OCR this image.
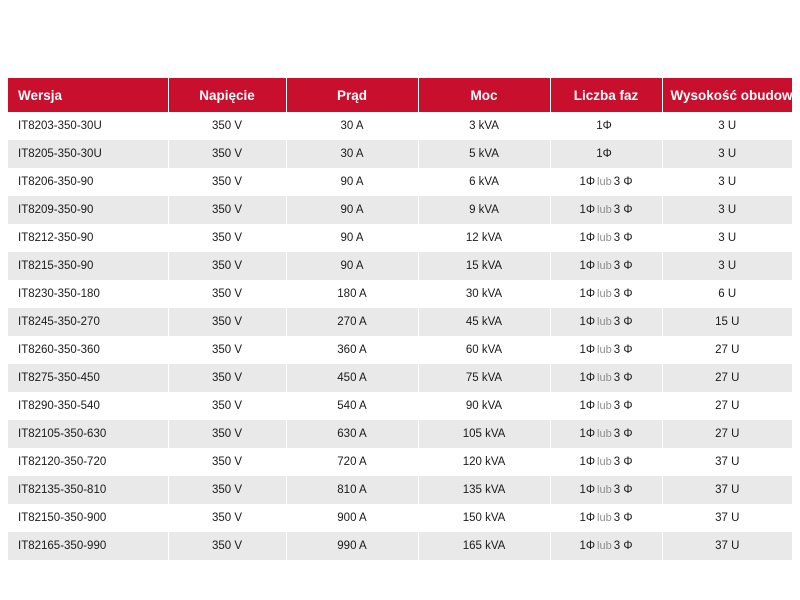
Wersja	Napięcie	Prąd	Moc	Liczba faz	Wysokość obudowy
IT8203-350-30U	350 V	30 A	3 kVA	1Φ	3 U
IT8205-350-30U	350 V	30 A	5 kVA	1Φ	3 U
IT8206-350-90	350 V	90 A	6 kVA	1Φ lub 3 Φ	3 U
IT8209-350-90	350 V	90 A	9 kVA	1Φ lub 3 Φ	3 U
IT8212-350-90	350 V	90 A	12 kVA	1Φ lub 3 Φ	3 U
IT8215-350-90	350 V	90 A	15 kVA	1Φ lub 3 Φ	3 U
IT8230-350-180	350 V	180 A	30 kVA	1Φ lub 3 Φ	6 U
IT8245-350-270	350 V	270 A	45 kVA	1Φ lub 3 Φ	15 U
IT8260-350-360	350 V	360 A	60 kVA	1Φ lub 3 Φ	27 U
IT8275-350-450	350 V	450 A	75 kVA	1Φ lub 3 Φ	27 U
IT8290-350-540	350 V	540 A	90 kVA	1Φ lub 3 Φ	27 U
IT82105-350-630	350 V	630 A	105 kVA	1Φ lub 3 Φ	27 U
IT82120-350-720	350 V	720 A	120 kVA	1Φ lub 3 Φ	37 U
IT82135-350-810	350 V	810 A	135 kVA	1Φ lub 3 Φ	37 U
IT82150-350-900	350 V	900 A	150 kVA	1Φ lub 3 Φ	37 U
IT82165-350-990	350 V	990 A	165 kVA	1Φ lub 3 Φ	37 U
